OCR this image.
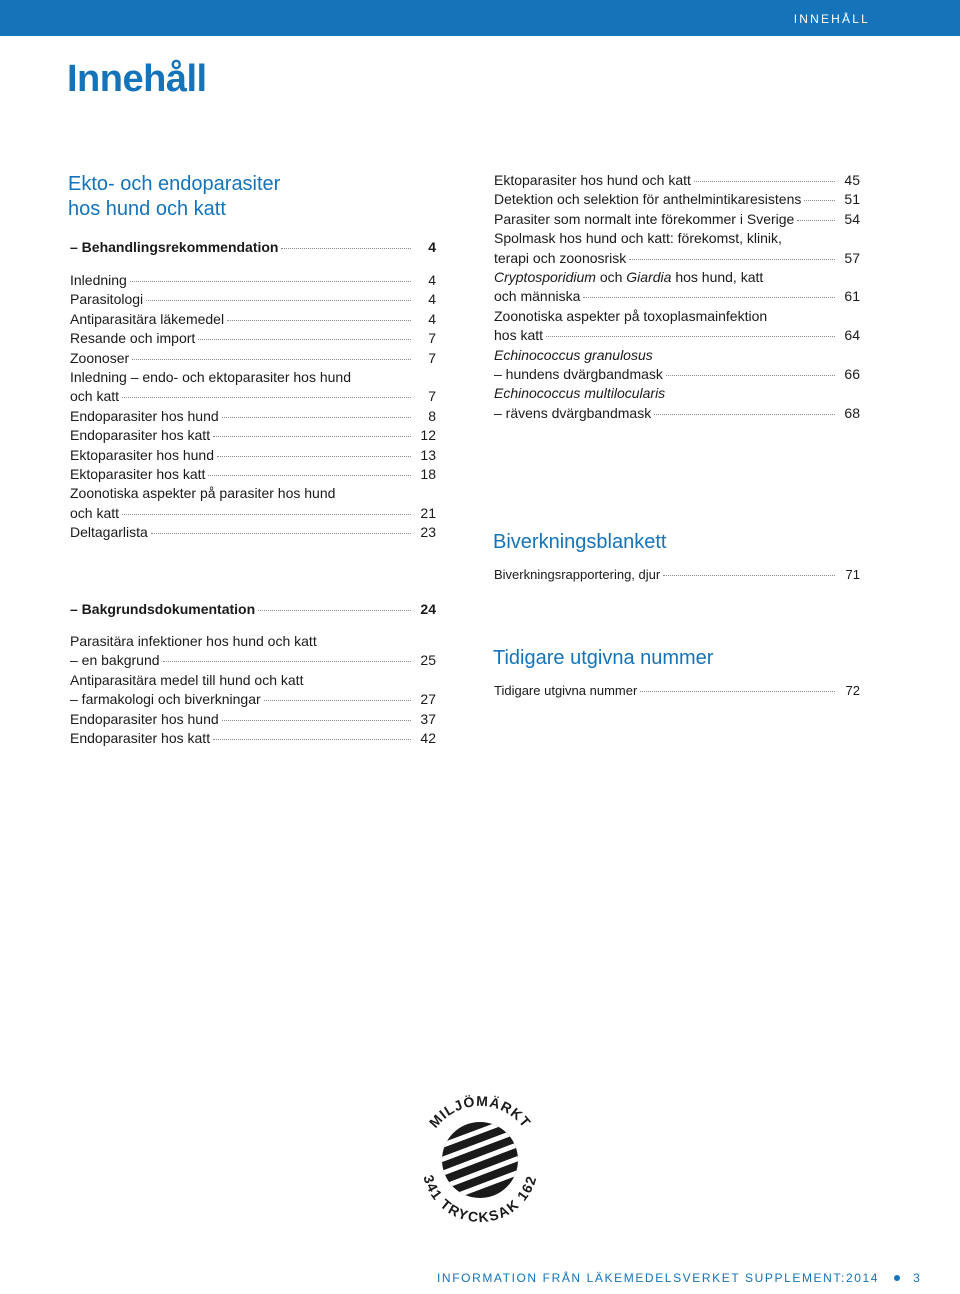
INNEHÅLL
Innehåll
Ekto- och endoparasiter
hos hund och katt
– Behandlingsrekommendation	4
Inledning	4
Parasitologi	4
Antiparasitära läkemedel	4
Resande och import	7
Zoonoser	7
Inledning – endo- och ektoparasiter hos hund
och katt	7
Endoparasiter hos hund	8
Endoparasiter hos katt	12
Ektoparasiter hos hund	13
Ektoparasiter hos katt	18
Zoonotiska aspekter på parasiter hos hund
och katt	21
Deltagarlista	23
– Bakgrundsdokumentation	24
Parasitära infektioner hos hund och katt
– en bakgrund	25
Antiparasitära medel till hund och katt
– farmakologi och biverkningar	27
Endoparasiter hos hund	37
Endoparasiter hos katt	42
Ektoparasiter hos hund och katt	45
Detektion och selektion för anthelmintikaresistens	51
Parasiter som normalt inte förekommer i Sverige	54
Spolmask hos hund och katt: förekomst, klinik,
terapi och zoonosrisk	57
Cryptosporidium och Giardia hos hund, katt
och människa	61
Zoonotiska aspekter på toxoplasmainfektion
hos katt	64
Echinococcus granulosus
– hundens dvärgbandmask	66
Echinococcus multilocularis
– rävens dvärgbandmask	68
Biverkningsblankett
Biverkningsrapportering, djur	71
Tidigare utgivna nummer
Tidigare utgivna nummer	72
MILJÖMÄRKT
341 TRYCKSAK 162
INFORMATION FRÅN LÄKEMEDELSVERKET SUPPLEMENT:2014	3
